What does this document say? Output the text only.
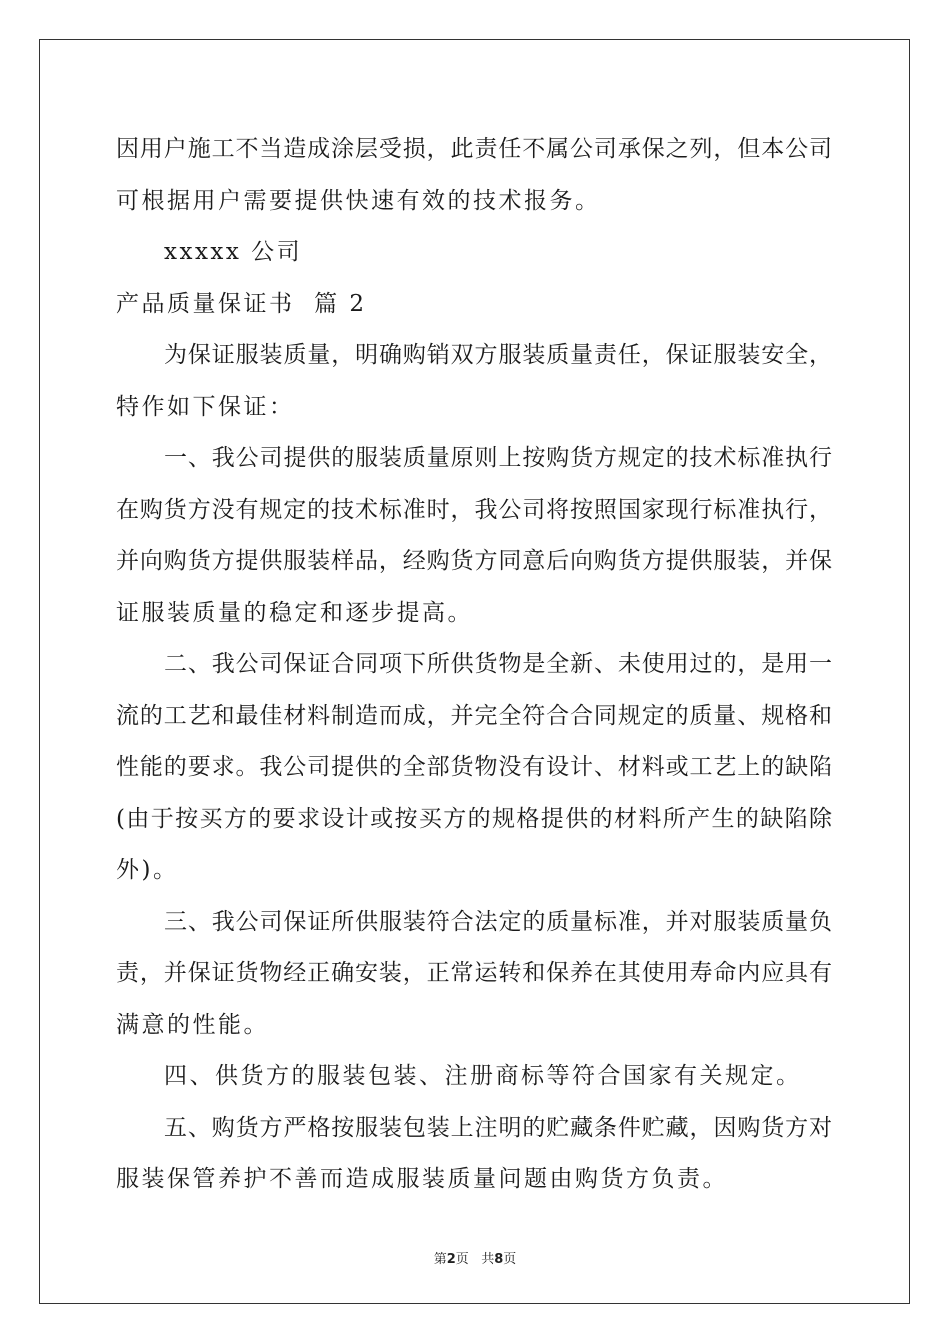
因用户施工不当造成涂层受损，此责任不属公司承保之列，但本公司
可根据用户需要提供快速有效的技术报务。
xxxxx 公司
产品质量保证书  篇 2
为保证服装质量，明确购销双方服装质量责任，保证服装安全，
特作如下保证：
一、我公司提供的服装质量原则上按购货方规定的技术标准执行
在购货方没有规定的技术标准时，我公司将按照国家现行标准执行，
并向购货方提供服装样品，经购货方同意后向购货方提供服装，并保
证服装质量的稳定和逐步提高。
二、我公司保证合同项下所供货物是全新、未使用过的，是用一
流的工艺和最佳材料制造而成，并完全符合合同规定的质量、规格和
性能的要求。我公司提供的全部货物没有设计、材料或工艺上的缺陷
(由于按买方的要求设计或按买方的规格提供的材料所产生的缺陷除
外)。
三、我公司保证所供服装符合法定的质量标准，并对服装质量负
责，并保证货物经正确安装，正常运转和保养在其使用寿命内应具有
满意的性能。
四、供货方的服装包装、注册商标等符合国家有关规定。
五、购货方严格按服装包装上注明的贮藏条件贮藏，因购货方对
服装保管养护不善而造成服装质量问题由购货方负责。
第2页 共8页
